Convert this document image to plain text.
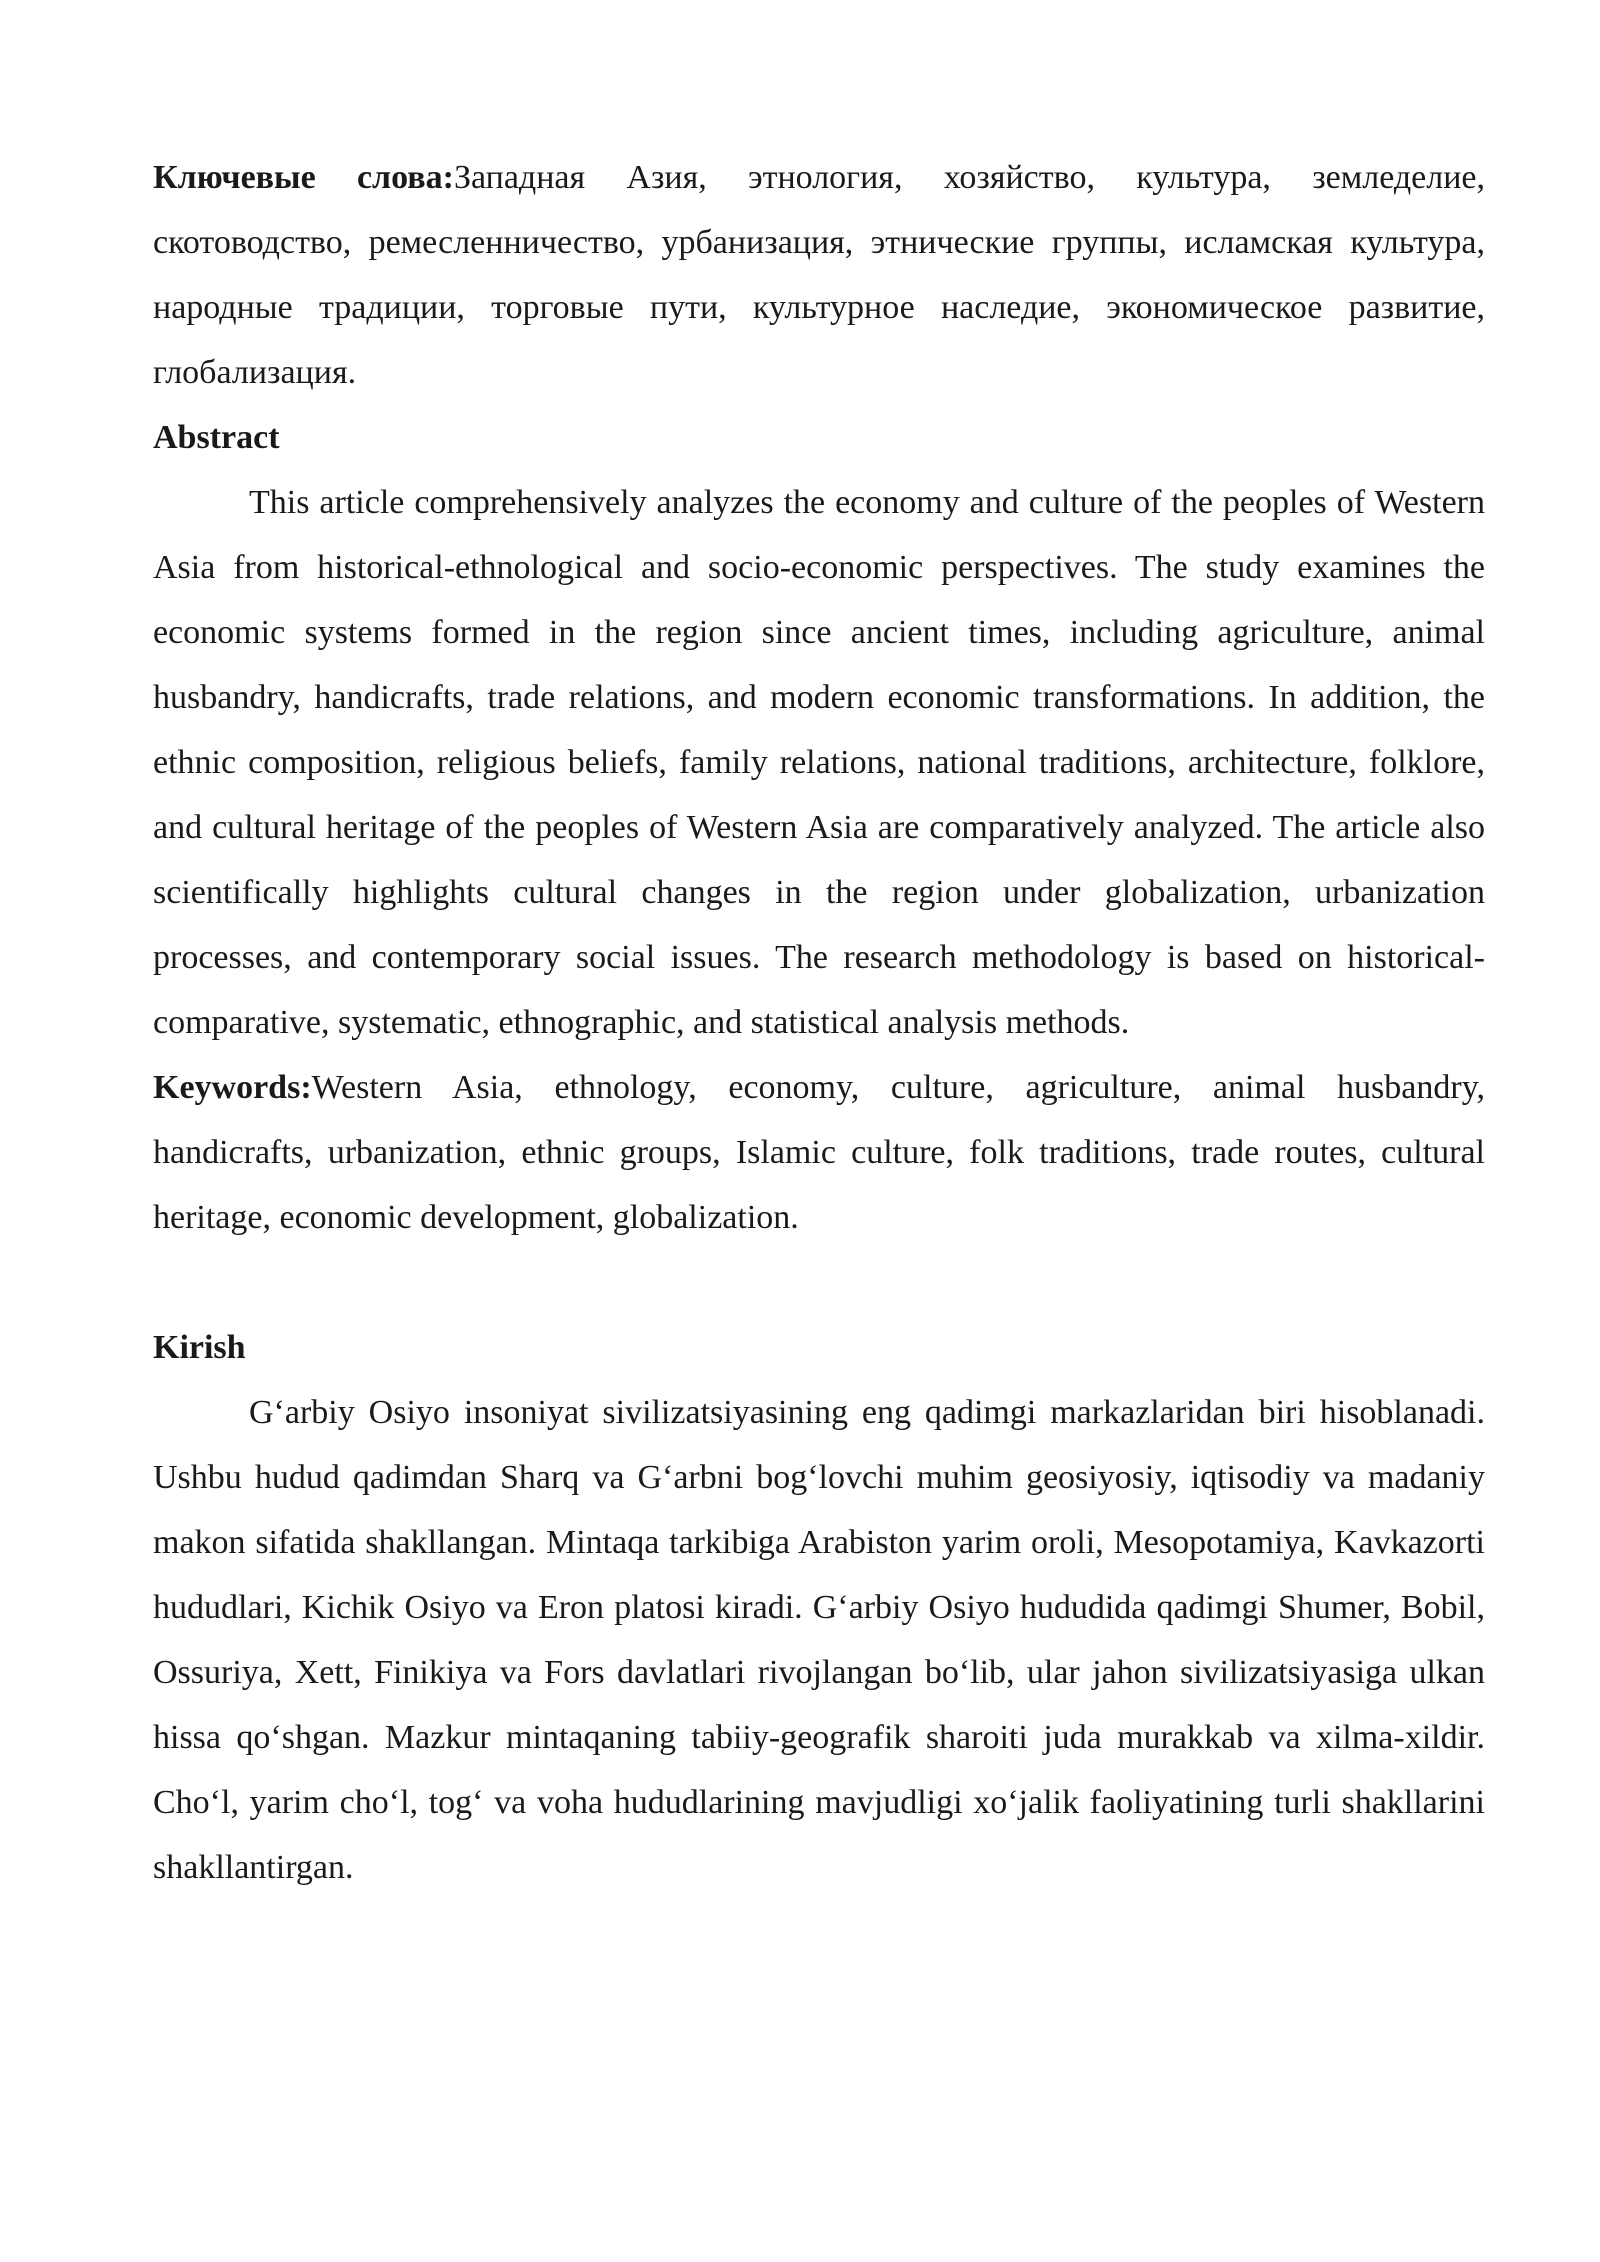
Ключевые слова:Западная Азия, этнология, хозяйство, культура, земледелие, скотоводство, ремесленничество, урбанизация, этнические группы, исламская культура, народные традиции, торговые пути, культурное наследие, экономическое развитие, глобализация.

Abstract

This article comprehensively analyzes the economy and culture of the peoples of Western Asia from historical-ethnological and socio-economic perspectives. The study examines the economic systems formed in the region since ancient times, including agriculture, animal husbandry, handicrafts, trade relations, and modern economic transformations. In addition, the ethnic composition, religious beliefs, family relations, national traditions, architecture, folklore, and cultural heritage of the peoples of Western Asia are comparatively analyzed. The article also scientifically highlights cultural changes in the region under globalization, urbanization processes, and contemporary social issues. The research methodology is based on historical-comparative, systematic, ethnographic, and statistical analysis methods.

Keywords:Western Asia, ethnology, economy, culture, agriculture, animal husbandry, handicrafts, urbanization, ethnic groups, Islamic culture, folk traditions, trade routes, cultural heritage, economic development, globalization.

Kirish

G‘arbiy Osiyo insoniyat sivilizatsiyasining eng qadimgi markazlaridan biri hisoblanadi. Ushbu hudud qadimdan Sharq va G‘arbni bog‘lovchi muhim geosiyosiy, iqtisodiy va madaniy makon sifatida shakllangan. Mintaqa tarkibiga Arabiston yarim oroli, Mesopotamiya, Kavkazorti hududlari, Kichik Osiyo va Eron platosi kiradi. G‘arbiy Osiyo hududida qadimgi Shumer, Bobil, Ossuriya, Xett, Finikiya va Fors davlatlari rivojlangan bo‘lib, ular jahon sivilizatsiyasiga ulkan hissa qo‘shgan. Mazkur mintaqaning tabiiy-geografik sharoiti juda murakkab va xilma-xildir. Cho‘l, yarim cho‘l, tog‘ va voha hududlarining mavjudligi xo‘jalik faoliyatining turli shakllarini shakllantirgan.
